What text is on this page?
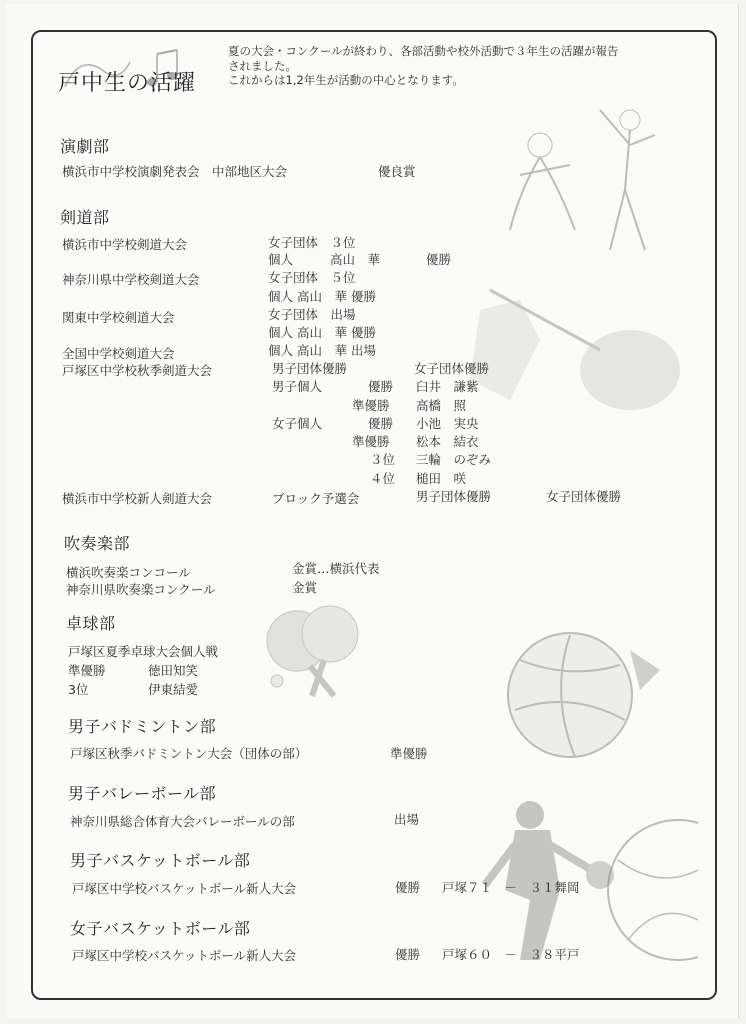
戸中生の活躍
夏の大会・コンクールが終わり、各部活動や校外活動で３年生の活躍が報告
されました。
これからは1,2年生が活動の中心となります。
演劇部
横浜市中学校演劇発表会　中部地区大会	優良賞
剣道部
横浜市中学校剣道大会	女子団体　３位
個人	高山　華	優勝
神奈川県中学校剣道大会	女子団体　５位
個人 高山　華 優勝
関東中学校剣道大会	女子団体　出場
個人 高山　華 優勝
全国中学校剣道大会	個人 高山　華 出場
戸塚区中学校秋季剣道大会	男子団体優勝	女子団体優勝
男子個人	優勝 臼井　謙紫
準優勝 高橋　照
女子個人	優勝 小池　実央
準優勝 松本　結衣
３位 三輪　のぞみ
４位 槌田　咲
横浜市中学校新人剣道大会	ブロック予選会	男子団体優勝	女子団体優勝
吹奏楽部
横浜吹奏楽コンコール	金賞…横浜代表
神奈川県吹奏楽コンクール	金賞
卓球部
戸塚区夏季卓球大会個人戦
準優勝	徳田知笑
3位	伊東結愛
男子バドミントン部
戸塚区秋季バドミントン大会（団体の部）	準優勝
男子バレーボール部
神奈川県総合体育大会バレーボールの部	出場
男子バスケットボール部
戸塚区中学校バスケットボール新人大会	優勝 戸塚７１　－　３１舞岡
女子バスケットボール部
戸塚区中学校バスケットボール新人大会	優勝 戸塚６０　－　３８平戸
